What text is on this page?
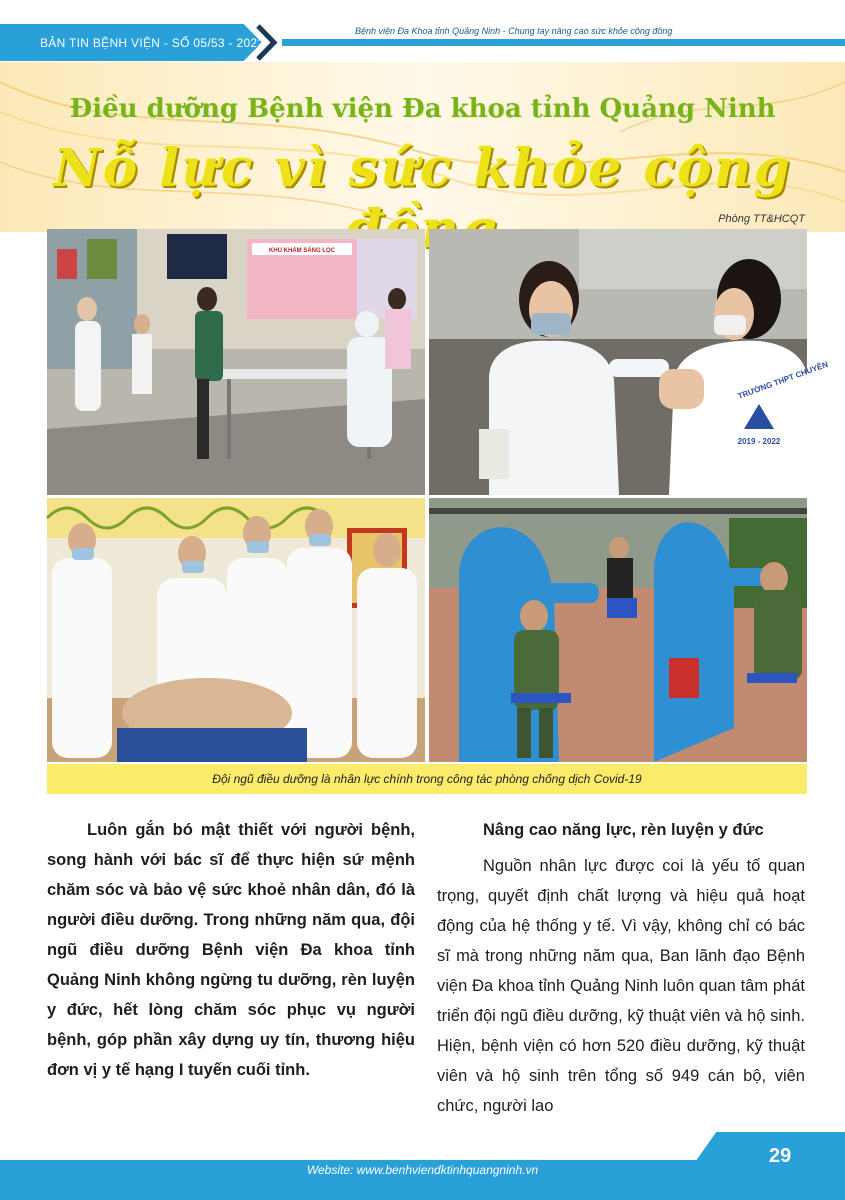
BẢN TIN BỆNH VIỆN - SỐ 05/53 - 2022
Bệnh viện Đa Khoa tỉnh Quảng Ninh - Chung tay nâng cao sức khỏe cộng đồng
Điều dưỡng Bệnh viện Đa khoa tỉnh Quảng Ninh
Nỗ lực vì sức khỏe cộng
Phòng TT&HCQT
KHU KHÁM SÀNG LỌC
TRƯỜNG THPT CHUYÊN
2019 - 2022
Đội ngũ điều dưỡng là nhân lực chính trong công tác phòng chống dịch Covid-19
Luôn gắn bó mật thiết với người bệnh, song hành với bác sĩ để thực hiện sứ mệnh chăm sóc và bảo vệ sức khoẻ nhân dân, đó là người điều dưỡng. Trong những năm qua, đội ngũ điều dưỡng Bệnh viện Đa khoa tỉnh Quảng Ninh không ngừng tu dưỡng, rèn luyện y đức, hết lòng chăm sóc phục vụ người bệnh, góp phần xây dựng uy tín, thương hiệu đơn vị y tế hạng I tuyến cuối tỉnh.
Nâng cao năng lực, rèn luyện y đức

Nguồn nhân lực được coi là yếu tố quan trọng, quyết định chất lượng và hiệu quả hoạt động của hệ thống y tế. Vì vậy, không chỉ có bác sĩ mà trong những năm qua, Ban lãnh đạo Bệnh viện Đa khoa tỉnh Quảng Ninh luôn quan tâm phát triển đội ngũ điều dưỡng, kỹ thuật viên và hộ sinh. Hiện, bệnh viện có hơn 520 điều dưỡng, kỹ thuật viên và hộ sinh trên tổng số 949 cán bộ, viên chức, người lao

Website: www.benhviendktinhquangninh.vn
29
